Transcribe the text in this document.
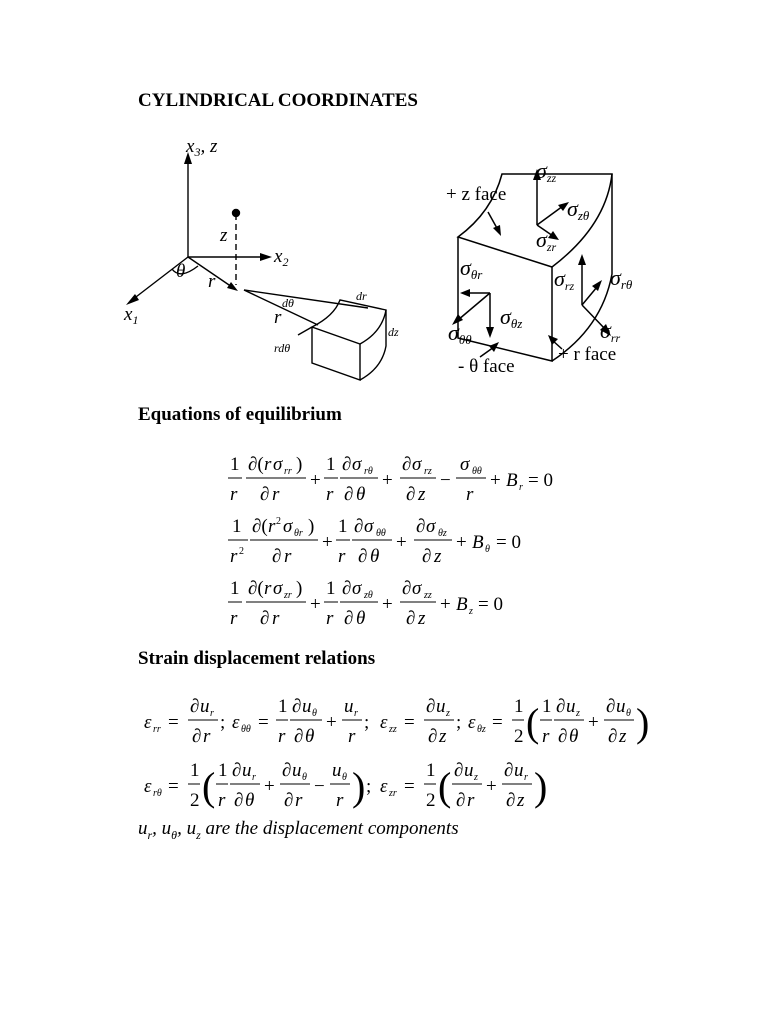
CYLINDRICAL COORDINATES
$x_3$, z
$x_2$
$x_1$
z
θ r
r
dθ	dr
dz
rdθ
σzz
σzθ
σzr
σθr	σrz σrθ
σθz
σθθ	σrr
+ z face
+ r face
- θ face
Equations of equilibrium
1
r
∂( r σ rr )
∂ r
+
1
r
∂ σ rθ
∂ θ
+
∂ σ rz
∂ z
−
σ θθ
r
+ B r = 0
1
r 2
∂( r 2 σ θr )
∂ r
+
1
r
∂ σ θθ
∂ θ
+
∂ σ θz
∂ z
+ B θ = 0
1
r
∂( r σ zr )
∂ r
+
1
r
∂ σ zθ
∂ θ
+
∂ σ zz
∂ z
+ B z = 0
Strain displacement relations
ε rr =
∂ u r
∂ r
; ε θθ =
1
r
∂ u θ
∂ θ
+
u r
r
; ε zz =
∂ u z
∂ z
; ε θz =
1
2 ( 1
r
∂ u z
∂ θ
+
∂ u θ
∂ z )
ε rθ =
1
2 ( 1
r
∂ u r
∂ θ
+
∂ u θ
∂ r
−
u θ
r ) ; ε zr =
1
2 ( ∂ u z
∂ r
+
∂ u r
∂ z )
$u_r$, $u_\theta$, $u_z$ are the displacement components
